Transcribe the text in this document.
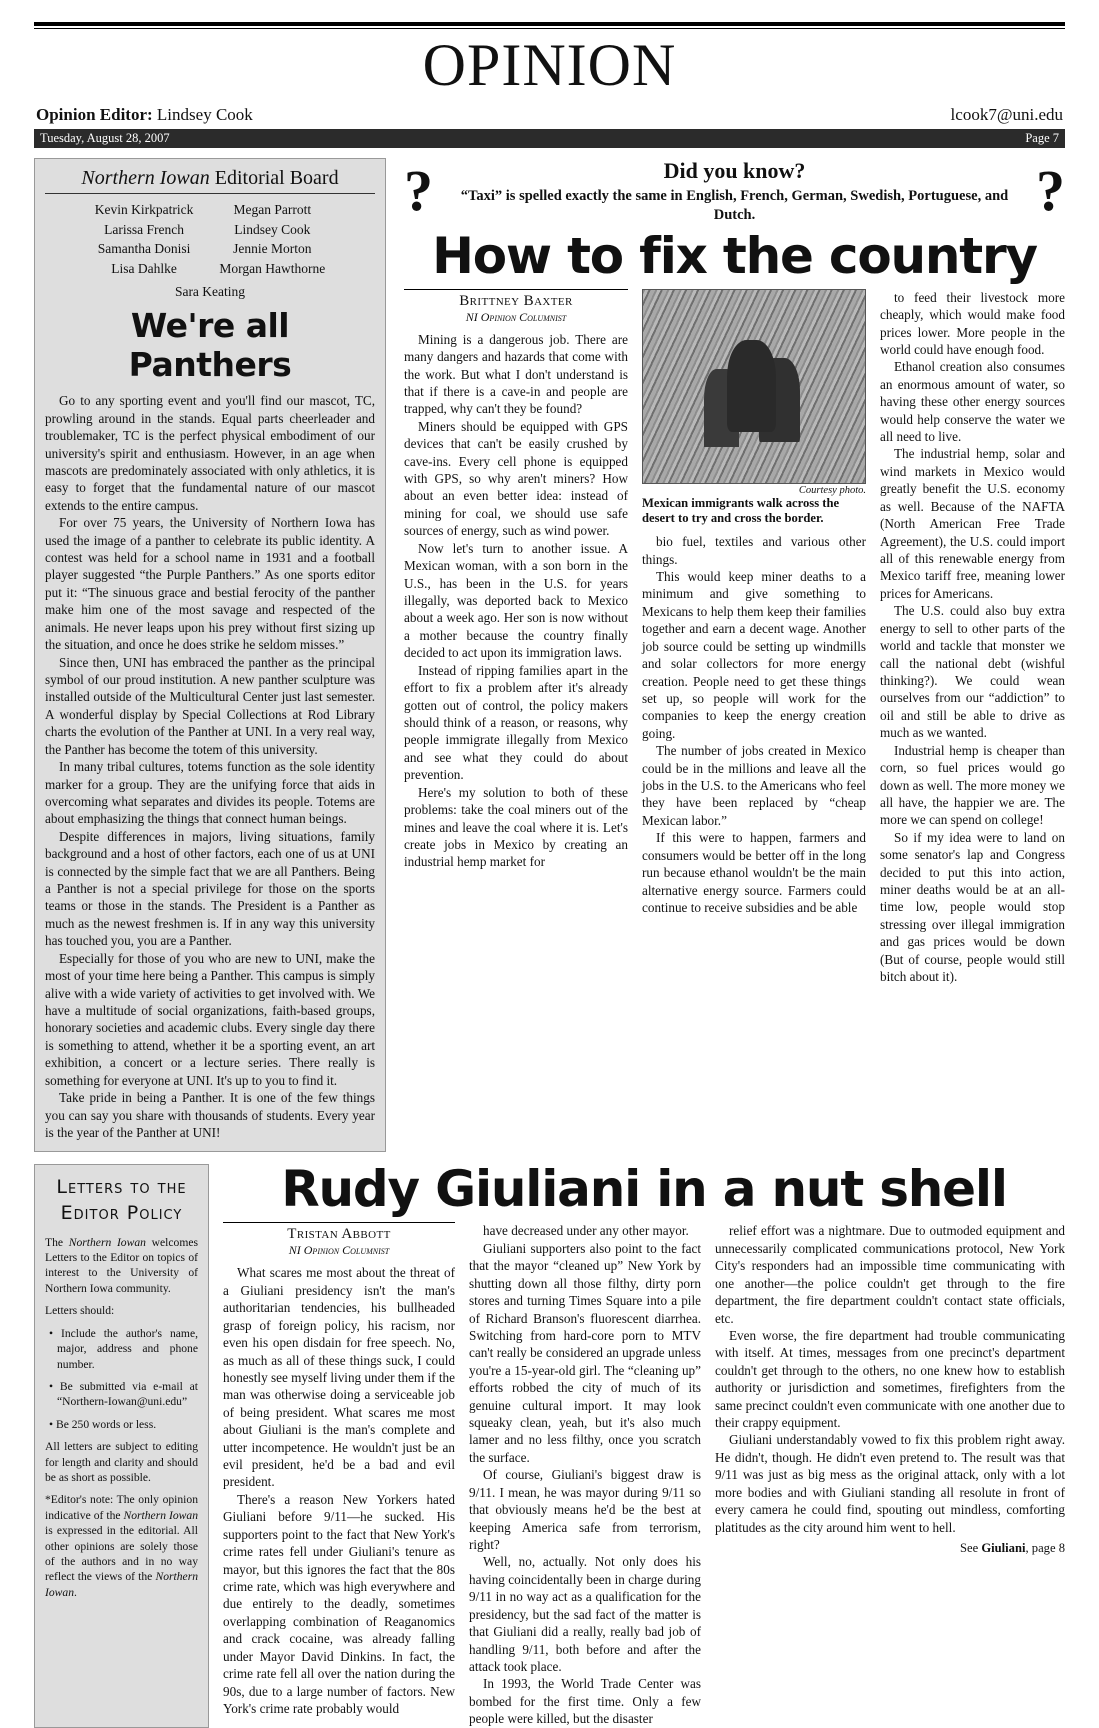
OPINION
Opinion Editor: Lindsey Cook	lcook7@uni.edu
Tuesday, August 28, 2007	Page 7
Northern Iowan Editorial Board
Kevin Kirkpatrick
Larissa French
Samantha Donisi
Lisa Dahlke
Megan Parrott
Lindsey Cook
Jennie Morton
Morgan Hawthorne
Sara Keating
We're all Panthers

Go to any sporting event and you'll find our mascot, TC, prowling around in the stands. Equal parts cheerleader and troublemaker, TC is the perfect physical embodiment of our university's spirit and enthusiasm. However, in an age when mascots are predominately associated with only athletics, it is easy to forget that the fundamental nature of our mascot extends to the entire campus.

For over 75 years, the University of Northern Iowa has used the image of a panther to celebrate its public identity. A contest was held for a school name in 1931 and a football player suggested “the Purple Panthers.” As one sports editor put it: “The sinuous grace and bestial ferocity of the panther make him one of the most savage and respected of the animals. He never leaps upon his prey without first sizing up the situation, and once he does strike he seldom misses.”

Since then, UNI has embraced the panther as the principal symbol of our proud institution. A new panther sculpture was installed outside of the Multicultural Center just last semester. A wonderful display by Special Collections at Rod Library charts the evolution of the Panther at UNI. In a very real way, the Panther has become the totem of this university.

In many tribal cultures, totems function as the sole identity marker for a group. They are the unifying force that aids in overcoming what separates and divides its people. Totems are about emphasizing the things that connect human beings.

Despite differences in majors, living situations, family background and a host of other factors, each one of us at UNI is connected by the simple fact that we are all Panthers. Being a Panther is not a special privilege for those on the sports teams or those in the stands. The President is a Panther as much as the newest freshmen is. If in any way this university has touched you, you are a Panther.

Especially for those of you who are new to UNI, make the most of your time here being a Panther. This campus is simply alive with a wide variety of activities to get involved with. We have a multitude of social organizations, faith-based groups, honorary societies and academic clubs. Every single day there is something to attend, whether it be a sporting event, an art exhibition, a concert or a lecture series. There really is something for everyone at UNI. It's up to you to find it.

Take pride in being a Panther. It is one of the few things you can say you share with thousands of students. Every year is the year of the Panther at UNI!

?	Did you know?
“Taxi” is spelled exactly the same in English, French, German, Swedish, Portuguese, and Dutch.	?
How to fix the country
Brittney Baxter
NI Opinion Columnist

Mining is a dangerous job. There are many dangers and hazards that come with the work. But what I don't understand is that if there is a cave-in and people are trapped, why can't they be found?

Miners should be equipped with GPS devices that can't be easily crushed by cave-ins. Every cell phone is equipped with GPS, so why aren't miners? How about an even better idea: instead of mining for coal, we should use safe sources of energy, such as wind power.

Now let's turn to another issue. A Mexican woman, with a son born in the U.S., has been in the U.S. for years illegally, was deported back to Mexico about a week ago. Her son is now without a mother because the country finally decided to act upon its immigration laws.

Instead of ripping families apart in the effort to fix a problem after it's already gotten out of control, the policy makers should think of a reason, or reasons, why people immigrate illegally from Mexico and see what they could do about prevention.

Here's my solution to both of these problems: take the coal miners out of the mines and leave the coal where it is. Let's create jobs in Mexico by creating an industrial hemp market for

Courtesy photo.
Mexican immigrants walk across the desert to try and cross the border.

bio fuel, textiles and various other things.

This would keep miner deaths to a minimum and give something to Mexicans to help them keep their families together and earn a decent wage. Another job source could be setting up windmills and solar collectors for more energy creation. People need to get these things set up, so people will work for the companies to keep the energy creation going.

The number of jobs created in Mexico could be in the millions and leave all the jobs in the U.S. to the Americans who feel they have been replaced by “cheap Mexican labor.”

If this were to happen, farmers and consumers would be better off in the long run because ethanol wouldn't be the main alternative energy source. Farmers could continue to receive subsidies and be able

to feed their livestock more cheaply, which would make food prices lower. More people in the world could have enough food.

Ethanol creation also consumes an enormous amount of water, so having these other energy sources would help conserve the water we all need to live.

The industrial hemp, solar and wind markets in Mexico would greatly benefit the U.S. economy as well. Because of the NAFTA (North American Free Trade Agreement), the U.S. could import all of this renewable energy from Mexico tariff free, meaning lower prices for Americans.

The U.S. could also buy extra energy to sell to other parts of the world and tackle that monster we call the national debt (wishful thinking?). We could wean ourselves from our “addiction” to oil and still be able to drive as much as we wanted.

Industrial hemp is cheaper than corn, so fuel prices would go down as well. The more money we all have, the happier we are. The more we can spend on college!

So if my idea were to land on some senator's lap and Congress decided to put this into action, miner deaths would be at an all-time low, people would stop stressing over illegal immigration and gas prices would be down (But of course, people would still bitch about it).

Letters to the Editor Policy

The Northern Iowan welcomes Letters to the Editor on topics of interest to the University of Northern Iowa community.

Letters should:

• Include the author's name, major, address and phone number.

• Be submitted via e-mail at “Northern-Iowan@uni.edu”

• Be 250 words or less.

All letters are subject to editing for length and clarity and should be as short as possible.

*Editor's note: The only opinion indicative of the Northern Iowan is expressed in the editorial. All other opinions are solely those of the authors and in no way reflect the views of the Northern Iowan.

Rudy Giuliani in a nut shell
Tristan Abbott
NI Opinion Columnist

What scares me most about the threat of a Giuliani presidency isn't the man's authoritarian tendencies, his bullheaded grasp of foreign policy, his racism, nor even his open disdain for free speech. No, as much as all of these things suck, I could honestly see myself living under them if the man was otherwise doing a serviceable job of being president. What scares me most about Giuliani is the man's complete and utter incompetence. He wouldn't just be an evil president, he'd be a bad and evil president.

There's a reason New Yorkers hated Giuliani before 9/11—he sucked. His supporters point to the fact that New York's crime rates fell under Giuliani's tenure as mayor, but this ignores the fact that the 80s crime rate, which was high everywhere and due entirely to the deadly, sometimes overlapping combination of Reaganomics and crack cocaine, was already falling under Mayor David Dinkins. In fact, the crime rate fell all over the nation during the 90s, due to a large number of factors. New York's crime rate probably would

have decreased under any other mayor.

Giuliani supporters also point to the fact that the mayor “cleaned up” New York by shutting down all those filthy, dirty porn stores and turning Times Square into a pile of Richard Branson's fluorescent diarrhea. Switching from hard-core porn to MTV can't really be considered an upgrade unless you're a 15-year-old girl. The “cleaning up” efforts robbed the city of much of its genuine cultural import. It may look squeaky clean, yeah, but it's also much lamer and no less filthy, once you scratch the surface.

Of course, Giuliani's biggest draw is 9/11. I mean, he was mayor during 9/11 so that obviously means he'd be the best at keeping America safe from terrorism, right?

Well, no, actually. Not only does his having coincidentally been in charge during 9/11 in no way act as a qualification for the presidency, but the sad fact of the matter is that Giuliani did a really, really bad job of handling 9/11, both before and after the attack took place.

In 1993, the World Trade Center was bombed for the first time. Only a few people were killed, but the disaster

relief effort was a nightmare. Due to outmoded equipment and unnecessarily complicated communications protocol, New York City's responders had an impossible time communicating with one another—the police couldn't get through to the fire department, the fire department couldn't contact state officials, etc.

Even worse, the fire department had trouble communicating with itself. At times, messages from one precinct's department couldn't get through to the others, no one knew how to establish authority or jurisdiction and sometimes, firefighters from the same precinct couldn't even communicate with one another due to their crappy equipment.

Giuliani understandably vowed to fix this problem right away. He didn't, though. He didn't even pretend to. The result was that 9/11 was just as big mess as the original attack, only with a lot more bodies and with Giuliani standing all resolute in front of every camera he could find, spouting out mindless, comforting platitudes as the city around him went to hell.

See Giuliani, page 8
